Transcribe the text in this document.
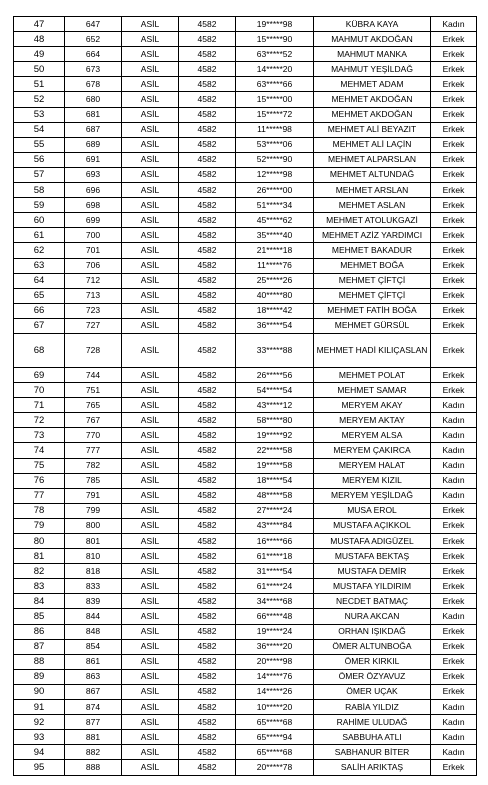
47	647	ASİL	4582	19*****98	KÜBRA KAYA	Kadın
48	652	ASİL	4582	15*****90	MAHMUT AKDOĞAN	Erkek
49	664	ASİL	4582	63*****52	MAHMUT MANKA	Erkek
50	673	ASİL	4582	14*****20	MAHMUT YEŞİLDAĞ	Erkek
51	678	ASİL	4582	63*****66	MEHMET ADAM	Erkek
52	680	ASİL	4582	15*****00	MEHMET AKDOĞAN	Erkek
53	681	ASİL	4582	15*****72	MEHMET AKDOĞAN	Erkek
54	687	ASİL	4582	11*****98	MEHMET ALİ BEYAZIT	Erkek
55	689	ASİL	4582	53*****06	MEHMET ALİ LAÇİN	Erkek
56	691	ASİL	4582	52*****90	MEHMET ALPARSLAN	Erkek
57	693	ASİL	4582	12*****98	MEHMET ALTUNDAĞ	Erkek
58	696	ASİL	4582	26*****00	MEHMET ARSLAN	Erkek
59	698	ASİL	4582	51*****34	MEHMET ASLAN	Erkek
60	699	ASİL	4582	45*****62	MEHMET ATOLUKGAZİ	Erkek
61	700	ASİL	4582	35*****40	MEHMET AZİZ YARDIMCI	Erkek
62	701	ASİL	4582	21*****18	MEHMET BAKADUR	Erkek
63	706	ASİL	4582	11*****76	MEHMET BOĞA	Erkek
64	712	ASİL	4582	25*****26	MEHMET ÇİFTÇİ	Erkek
65	713	ASİL	4582	40*****80	MEHMET ÇİFTÇİ	Erkek
66	723	ASİL	4582	18*****42	MEHMET FATİH BOĞA	Erkek
67	727	ASİL	4582	36*****54	MEHMET GÜRSÜL	Erkek
68	728	ASİL	4582	33*****88	MEHMET HADİ KILIÇASLAN	Erkek
69	744	ASİL	4582	26*****56	MEHMET POLAT	Erkek
70	751	ASİL	4582	54*****54	MEHMET SAMAR	Erkek
71	765	ASİL	4582	43*****12	MERYEM AKAY	Kadın
72	767	ASİL	4582	58*****80	MERYEM AKTAY	Kadın
73	770	ASİL	4582	19*****92	MERYEM ALSA	Kadın
74	777	ASİL	4582	22*****58	MERYEM ÇAKIRCA	Kadın
75	782	ASİL	4582	19*****58	MERYEM HALAT	Kadın
76	785	ASİL	4582	18*****54	MERYEM KIZIL	Kadın
77	791	ASİL	4582	48*****58	MERYEM YEŞİLDAĞ	Kadın
78	799	ASİL	4582	27*****24	MUSA EROL	Erkek
79	800	ASİL	4582	43*****84	MUSTAFA AÇIKKOL	Erkek
80	801	ASİL	4582	16*****66	MUSTAFA ADIGÜZEL	Erkek
81	810	ASİL	4582	61*****18	MUSTAFA BEKTAŞ	Erkek
82	818	ASİL	4582	31*****54	MUSTAFA DEMİR	Erkek
83	833	ASİL	4582	61*****24	MUSTAFA YILDIRIM	Erkek
84	839	ASİL	4582	34*****68	NECDET BATMAÇ	Erkek
85	844	ASİL	4582	66*****48	NURA AKCAN	Kadın
86	848	ASİL	4582	19*****24	ORHAN IŞIKDAĞ	Erkek
87	854	ASİL	4582	36*****20	ÖMER ALTUNBOĞA	Erkek
88	861	ASİL	4582	20*****98	ÖMER KIRKIL	Erkek
89	863	ASİL	4582	14*****76	ÖMER ÖZYAVUZ	Erkek
90	867	ASİL	4582	14*****26	ÖMER UÇAK	Erkek
91	874	ASİL	4582	10*****20	RABİA YILDIZ	Kadın
92	877	ASİL	4582	65*****68	RAHİME ULUDAĞ	Kadın
93	881	ASİL	4582	65*****94	SABBUHA ATLI	Kadın
94	882	ASİL	4582	65*****68	SABHANUR BİTER	Kadın
95	888	ASİL	4582	20*****78	SALİH ARIKTAŞ	Erkek
